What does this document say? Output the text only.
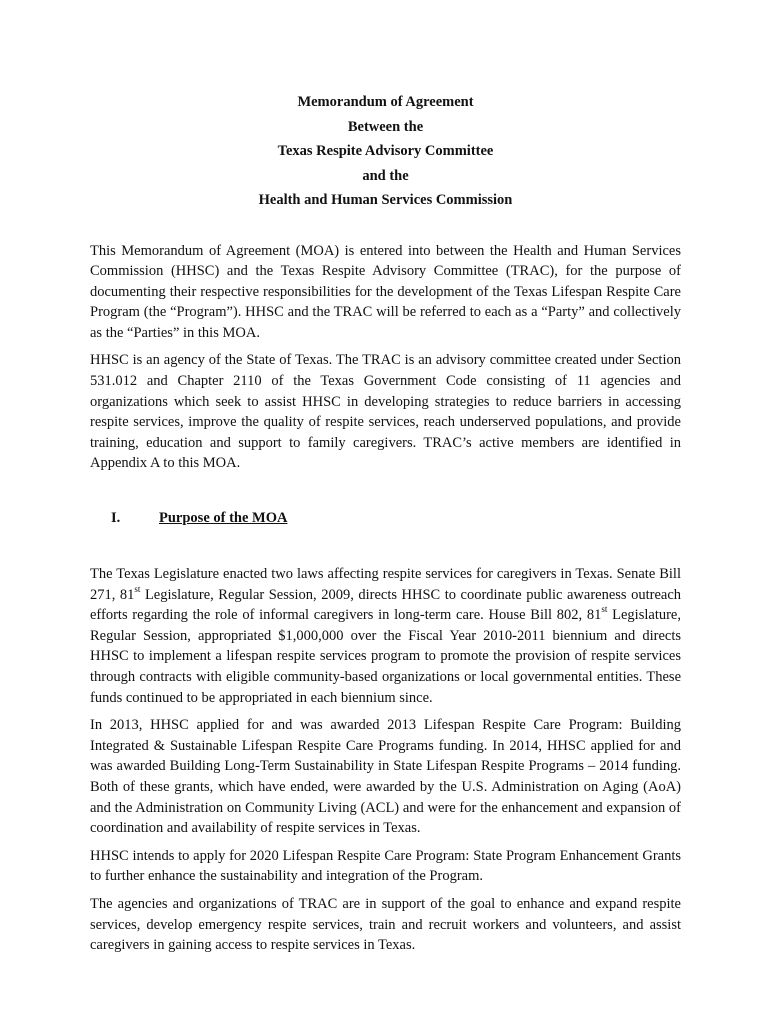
Memorandum of Agreement
Between the
Texas Respite Advisory Committee
and the
Health and Human Services Commission

This Memorandum of Agreement (MOA) is entered into between the Health and Human Services Commission (HHSC) and the Texas Respite Advisory Committee (TRAC), for the purpose of documenting their respective responsibilities for the development of the Texas Lifespan Respite Care Program (the “Program”). HHSC and the TRAC will be referred to each as a “Party” and collectively as the “Parties” in this MOA.

HHSC is an agency of the State of Texas. The TRAC is an advisory committee created under Section 531.012 and Chapter 2110 of the Texas Government Code consisting of 11 agencies and organizations which seek to assist HHSC in developing strategies to reduce barriers in accessing respite services, improve the quality of respite services, reach underserved populations, and provide training, education and support to family caregivers. TRAC’s active members are identified in Appendix A to this MOA.

I.	Purpose of the MOA

The Texas Legislature enacted two laws affecting respite services for caregivers in Texas. Senate Bill 271, 81st Legislature, Regular Session, 2009, directs HHSC to coordinate public awareness outreach efforts regarding the role of informal caregivers in long-term care. House Bill 802, 81st Legislature, Regular Session, appropriated $1,000,000 over the Fiscal Year 2010-2011 biennium and directs HHSC to implement a lifespan respite services program to promote the provision of respite services through contracts with eligible community-based organizations or local governmental entities. These funds continued to be appropriated in each biennium since.

In 2013, HHSC applied for and was awarded 2013 Lifespan Respite Care Program: Building Integrated & Sustainable Lifespan Respite Care Programs funding. In 2014, HHSC applied for and was awarded Building Long-Term Sustainability in State Lifespan Respite Programs – 2014 funding. Both of these grants, which have ended, were awarded by the U.S. Administration on Aging (AoA) and the Administration on Community Living (ACL) and were for the enhancement and expansion of coordination and availability of respite services in Texas.

HHSC intends to apply for 2020 Lifespan Respite Care Program: State Program Enhancement Grants to further enhance the sustainability and integration of the Program.

The agencies and organizations of TRAC are in support of the goal to enhance and expand respite services, develop emergency respite services, train and recruit workers and volunteers, and assist caregivers in gaining access to respite services in Texas.
